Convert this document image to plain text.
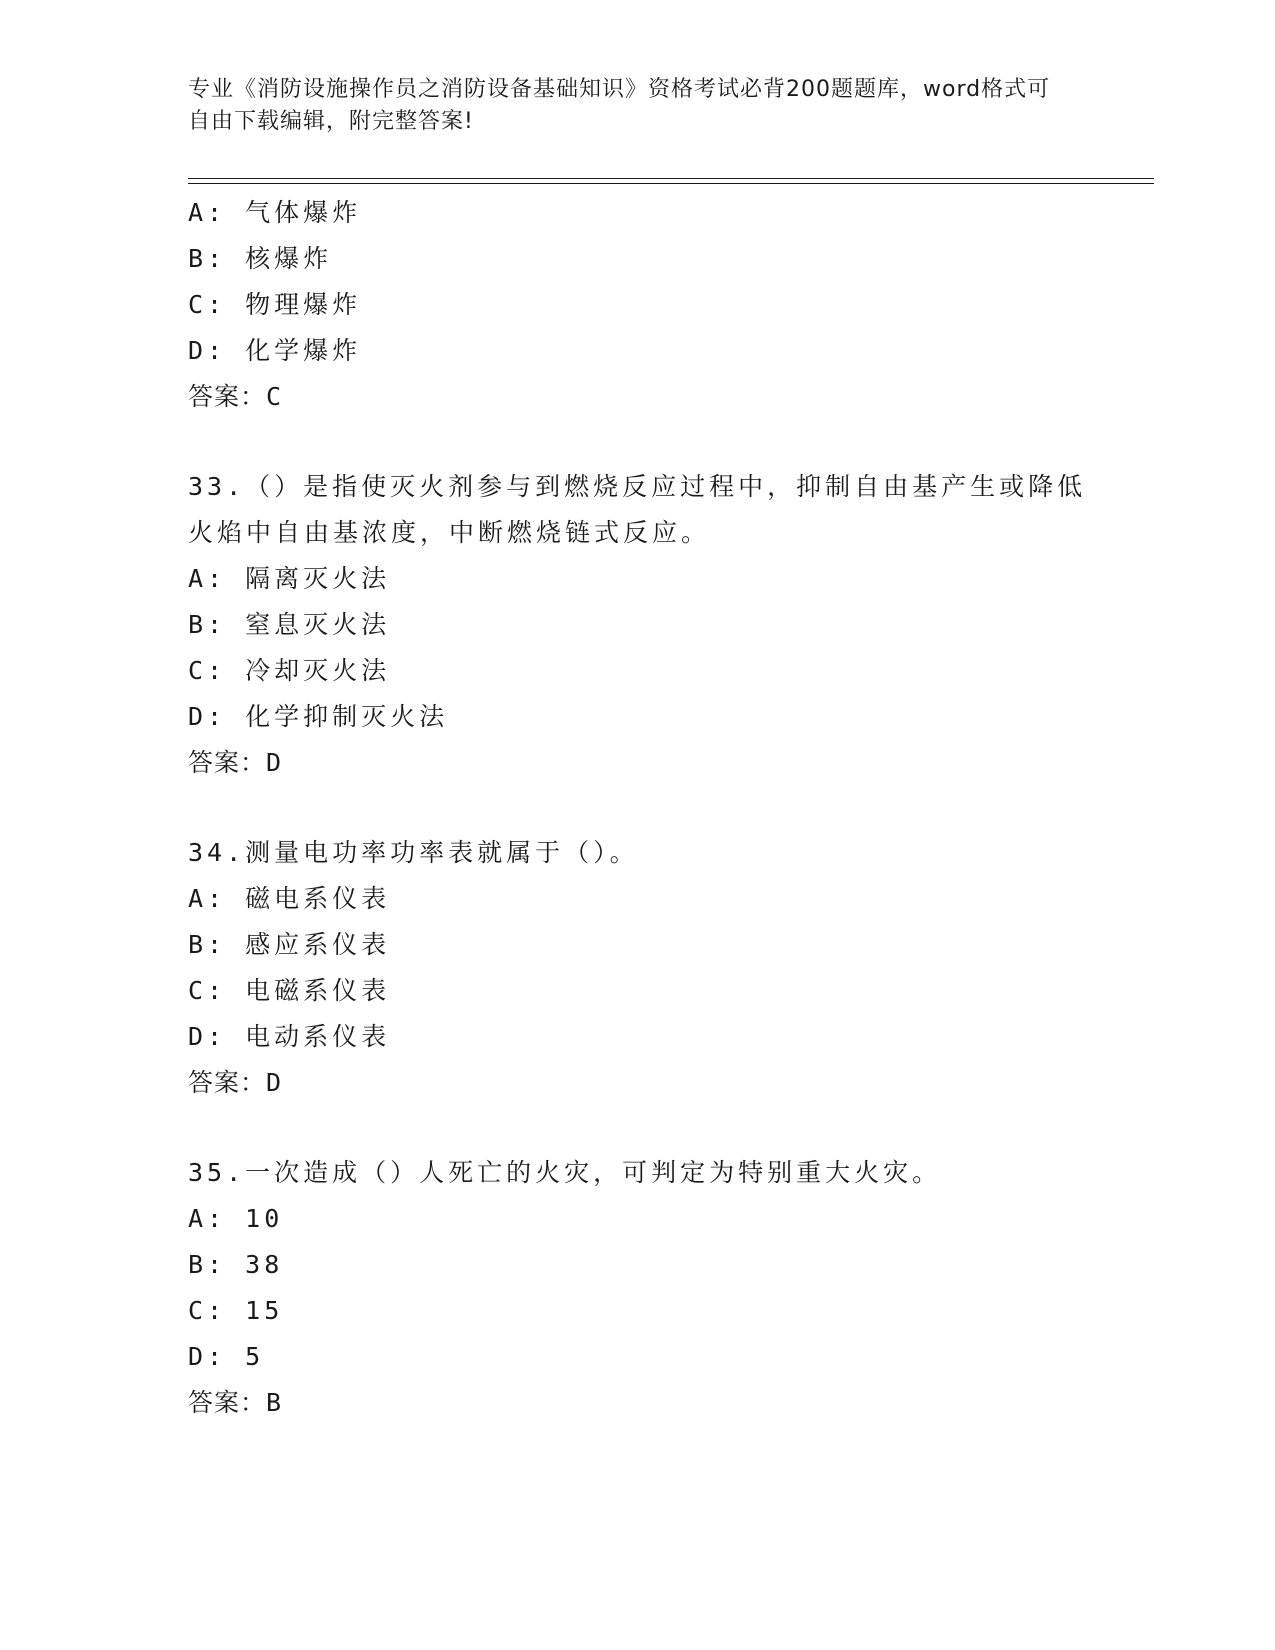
专业《消防设施操作员之消防设备基础知识》资格考试必背200题题库，word格式可自由下载编辑，附完整答案!
A: 气体爆炸
B: 核爆炸
C: 物理爆炸
D: 化学爆炸
答案：C
33.（）是指使灭火剂参与到燃烧反应过程中，抑制自由基产生或降低火焰中自由基浓度，中断燃烧链式反应。
A: 隔离灭火法
B: 窒息灭火法
C: 冷却灭火法
D: 化学抑制灭火法
答案：D
34.测量电功率功率表就属于（）。
A: 磁电系仪表
B: 感应系仪表
C: 电磁系仪表
D: 电动系仪表
答案：D
35.一次造成（）人死亡的火灾，可判定为特别重大火灾。
A: 10
B: 38
C: 15
D: 5
答案：B
